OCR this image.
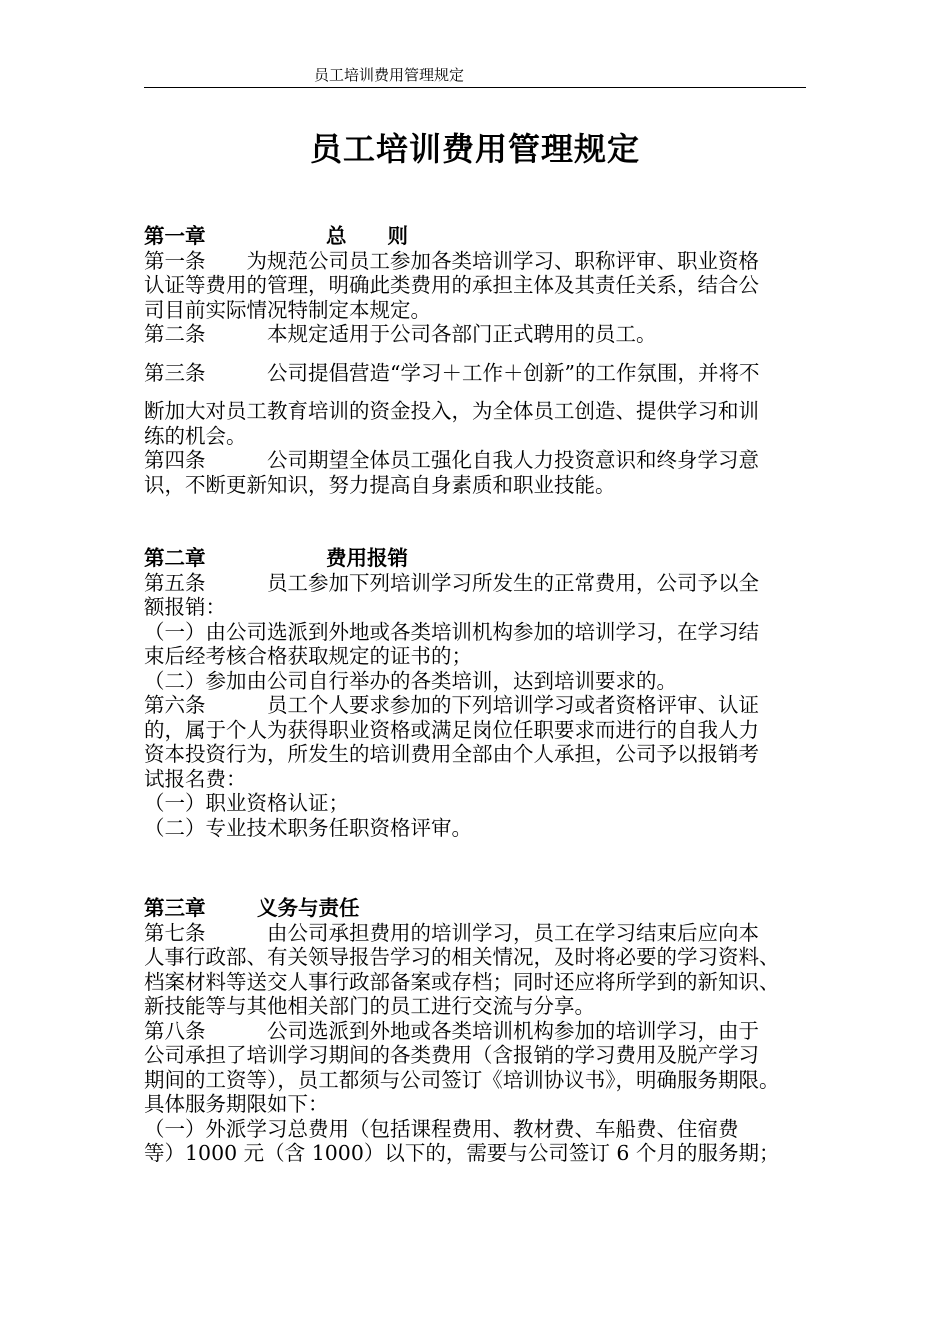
员工培训费用管理规定
员工培训费用管理规定
第一章	总　　则
第一条　　为规范公司员工参加各类培训学习、职称评审、职业资格
认证等费用的管理，明确此类费用的承担主体及其责任关系，结合公
司目前实际情况特制定本规定。
第二条　　　本规定适用于公司各部门正式聘用的员工。
第三条　　　公司提倡营造“学习＋工作＋创新”的工作氛围，并将不
断加大对员工教育培训的资金投入，为全体员工创造、提供学习和训
练的机会。
第四条　　　公司期望全体员工强化自我人力投资意识和终身学习意
识，不断更新知识，努力提高自身素质和职业技能。
第二章	费用报销
第五条　　　员工参加下列培训学习所发生的正常费用，公司予以全
额报销：
（一）由公司选派到外地或各类培训机构参加的培训学习，在学习结
束后经考核合格获取规定的证书的；
（二）参加由公司自行举办的各类培训，达到培训要求的。
第六条　　　员工个人要求参加的下列培训学习或者资格评审、认证
的，属于个人为获得职业资格或满足岗位任职要求而进行的自我人力
资本投资行为，所发生的培训费用全部由个人承担，公司予以报销考
试报名费：
（一）职业资格认证；
（二）专业技术职务任职资格评审。
第三章	义务与责任
第七条　　　由公司承担费用的培训学习，员工在学习结束后应向本
人事行政部、有关领导报告学习的相关情况，及时将必要的学习资料、
档案材料等送交人事行政部备案或存档；同时还应将所学到的新知识、
新技能等与其他相关部门的员工进行交流与分享。
第八条　　　公司选派到外地或各类培训机构参加的培训学习，由于
公司承担了培训学习期间的各类费用（含报销的学习费用及脱产学习
期间的工资等），员工都须与公司签订《培训协议书》，明确服务期限。
具体服务期限如下：
（一）外派学习总费用（包括课程费用、教材费、车船费、住宿费
等）1000 元（含 1000）以下的，需要与公司签订 6 个月的服务期；
